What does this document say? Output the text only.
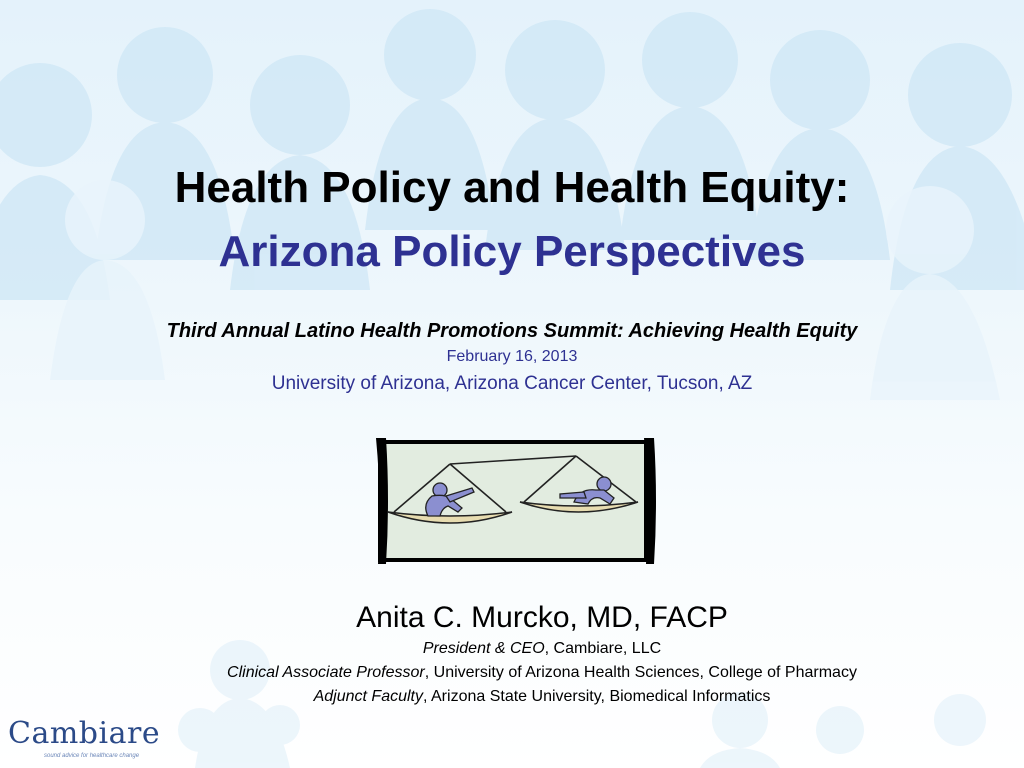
Health Policy and Health Equity:
Arizona Policy Perspectives
Third Annual Latino Health Promotions Summit: Achieving Health Equity
February 16, 2013
University of Arizona, Arizona Cancer Center, Tucson, AZ
Anita C. Murcko, MD, FACP
President & CEO, Cambiare, LLC
Clinical Associate Professor, University of Arizona Health Sciences, College of Pharmacy
Adjunct Faculty, Arizona State University, Biomedical Informatics
Cambiare
sound advice for healthcare change
